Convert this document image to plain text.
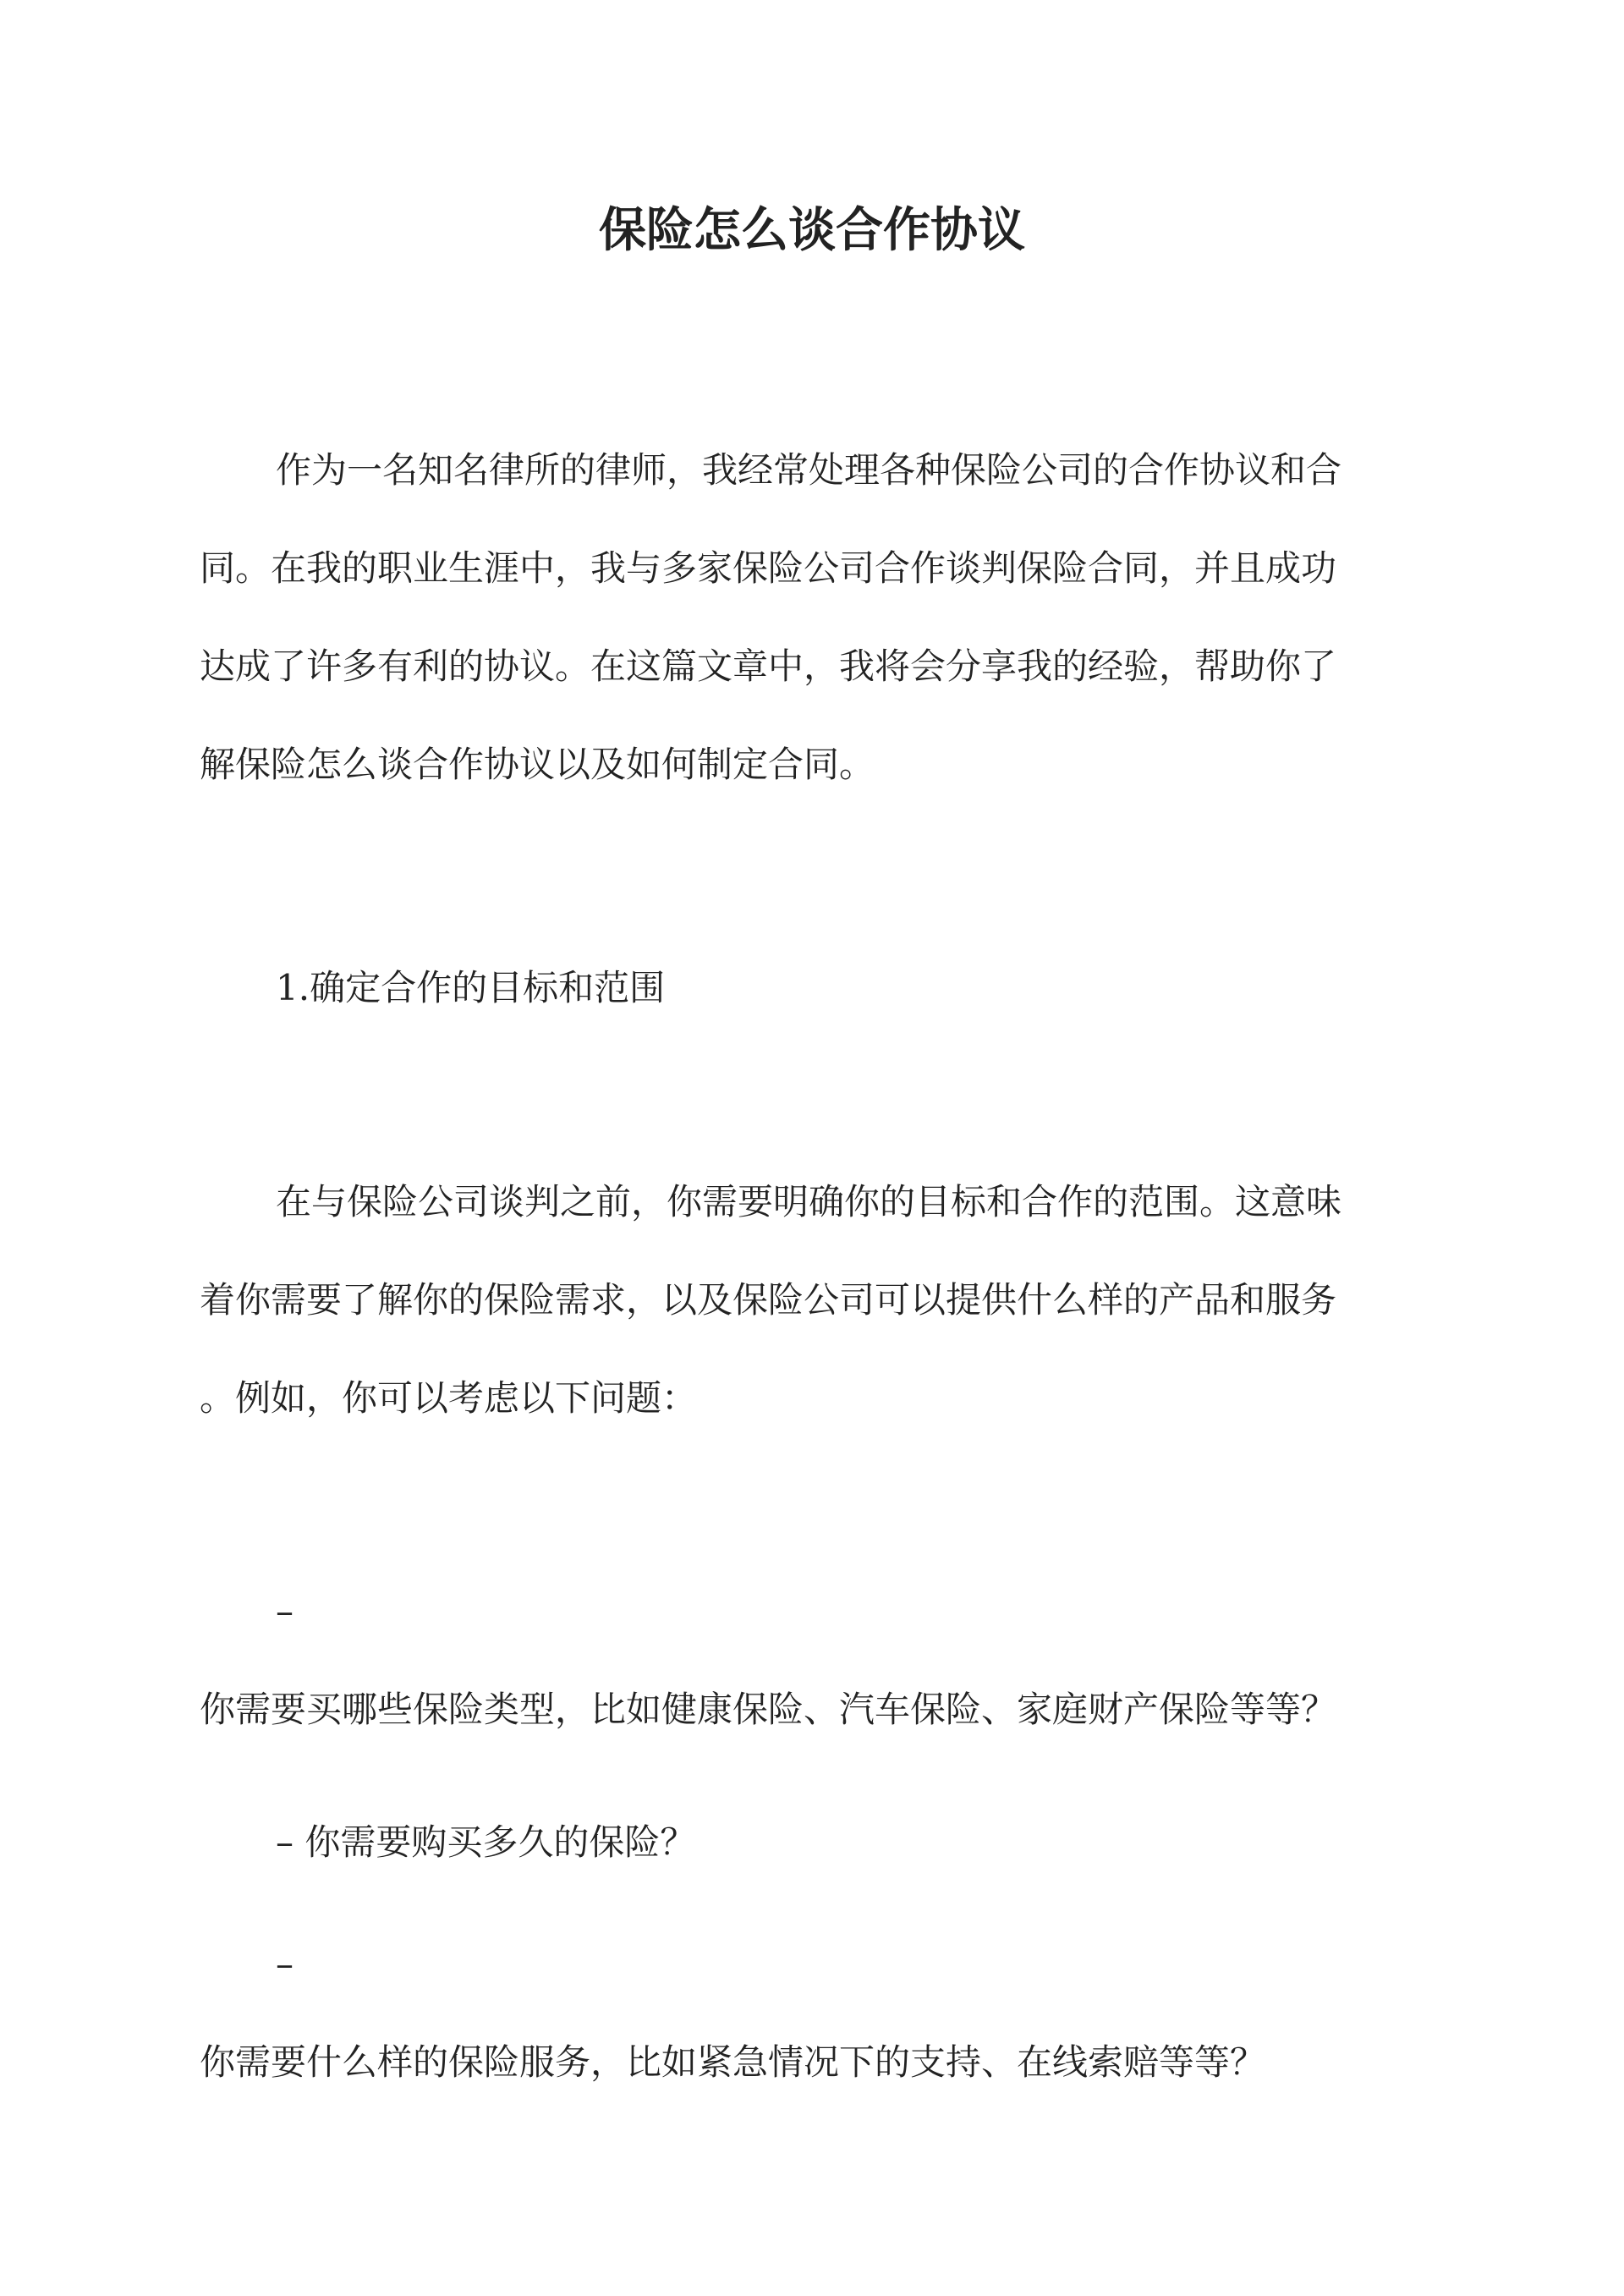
保险怎么谈合作协议
作为一名知名律所的律师，我经常处理各种保险公司的合作协议和合
同。在我的职业生涯中，我与多家保险公司合作谈判保险合同，并且成功
达成了许多有利的协议。在这篇文章中，我将会分享我的经验，帮助你了
解保险怎么谈合作协议以及如何制定合同。
1.确定合作的目标和范围
在与保险公司谈判之前，你需要明确你的目标和合作的范围。这意味
着你需要了解你的保险需求，以及保险公司可以提供什么样的产品和服务
。例如，你可以考虑以下问题：
–
你需要买哪些保险类型，比如健康保险、汽车保险、家庭财产保险等等？
– 你需要购买多久的保险？
–
你需要什么样的保险服务，比如紧急情况下的支持、在线索赔等等？
